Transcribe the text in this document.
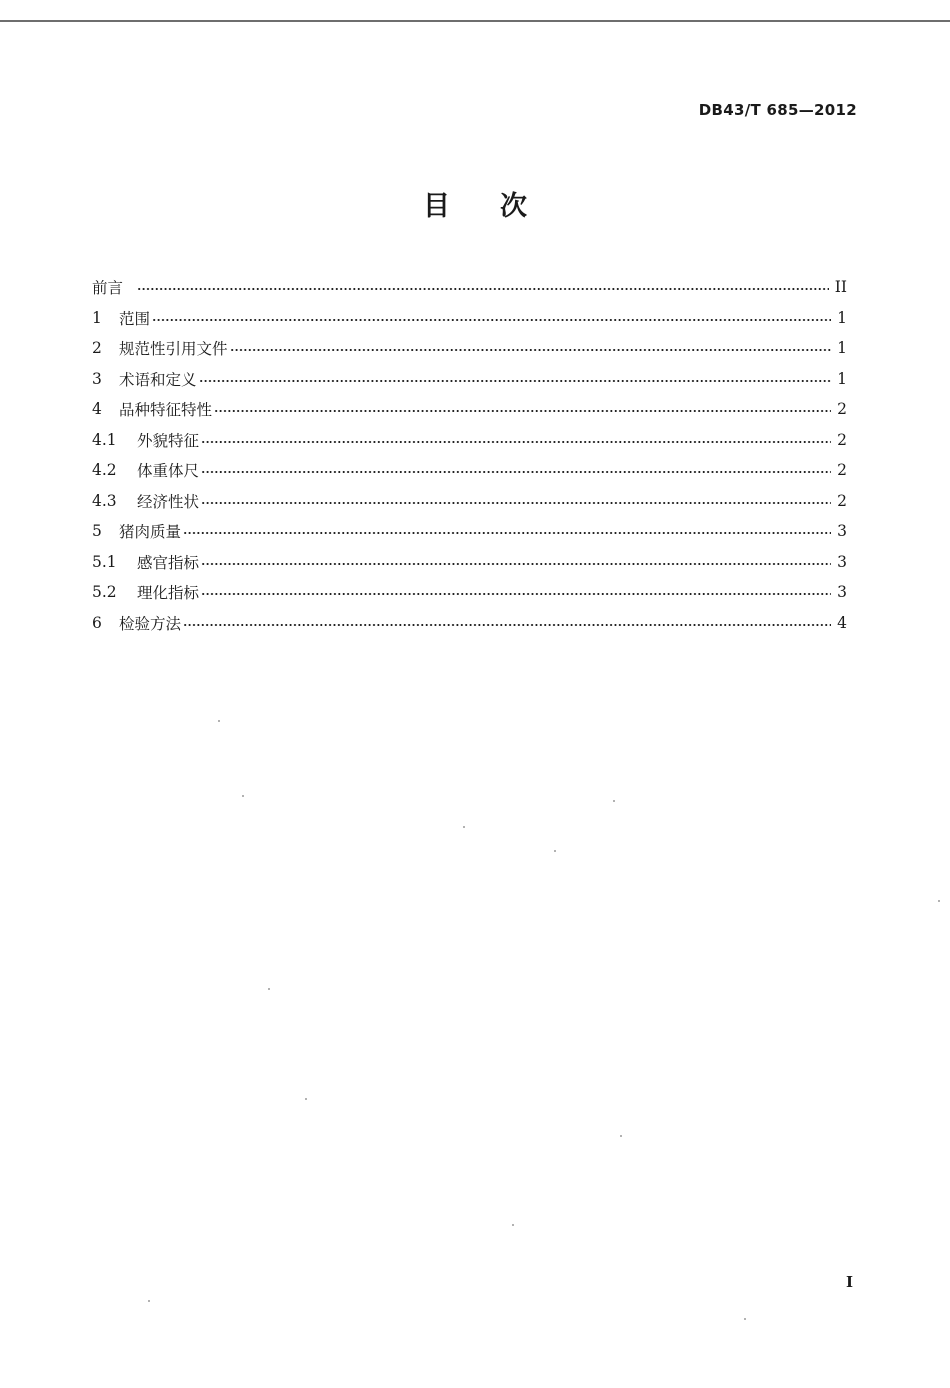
DB43/T 685—2012
目 次
前言	II
1	范围	1
2	规范性引用文件	1
3	术语和定义	1
4	品种特征特性	2
4.1	外貌特征	2
4.2	体重体尺	2
4.3	经济性状	2
5	猪肉质量	3
5.1	感官指标	3
5.2	理化指标	3
6	检验方法	4
I
